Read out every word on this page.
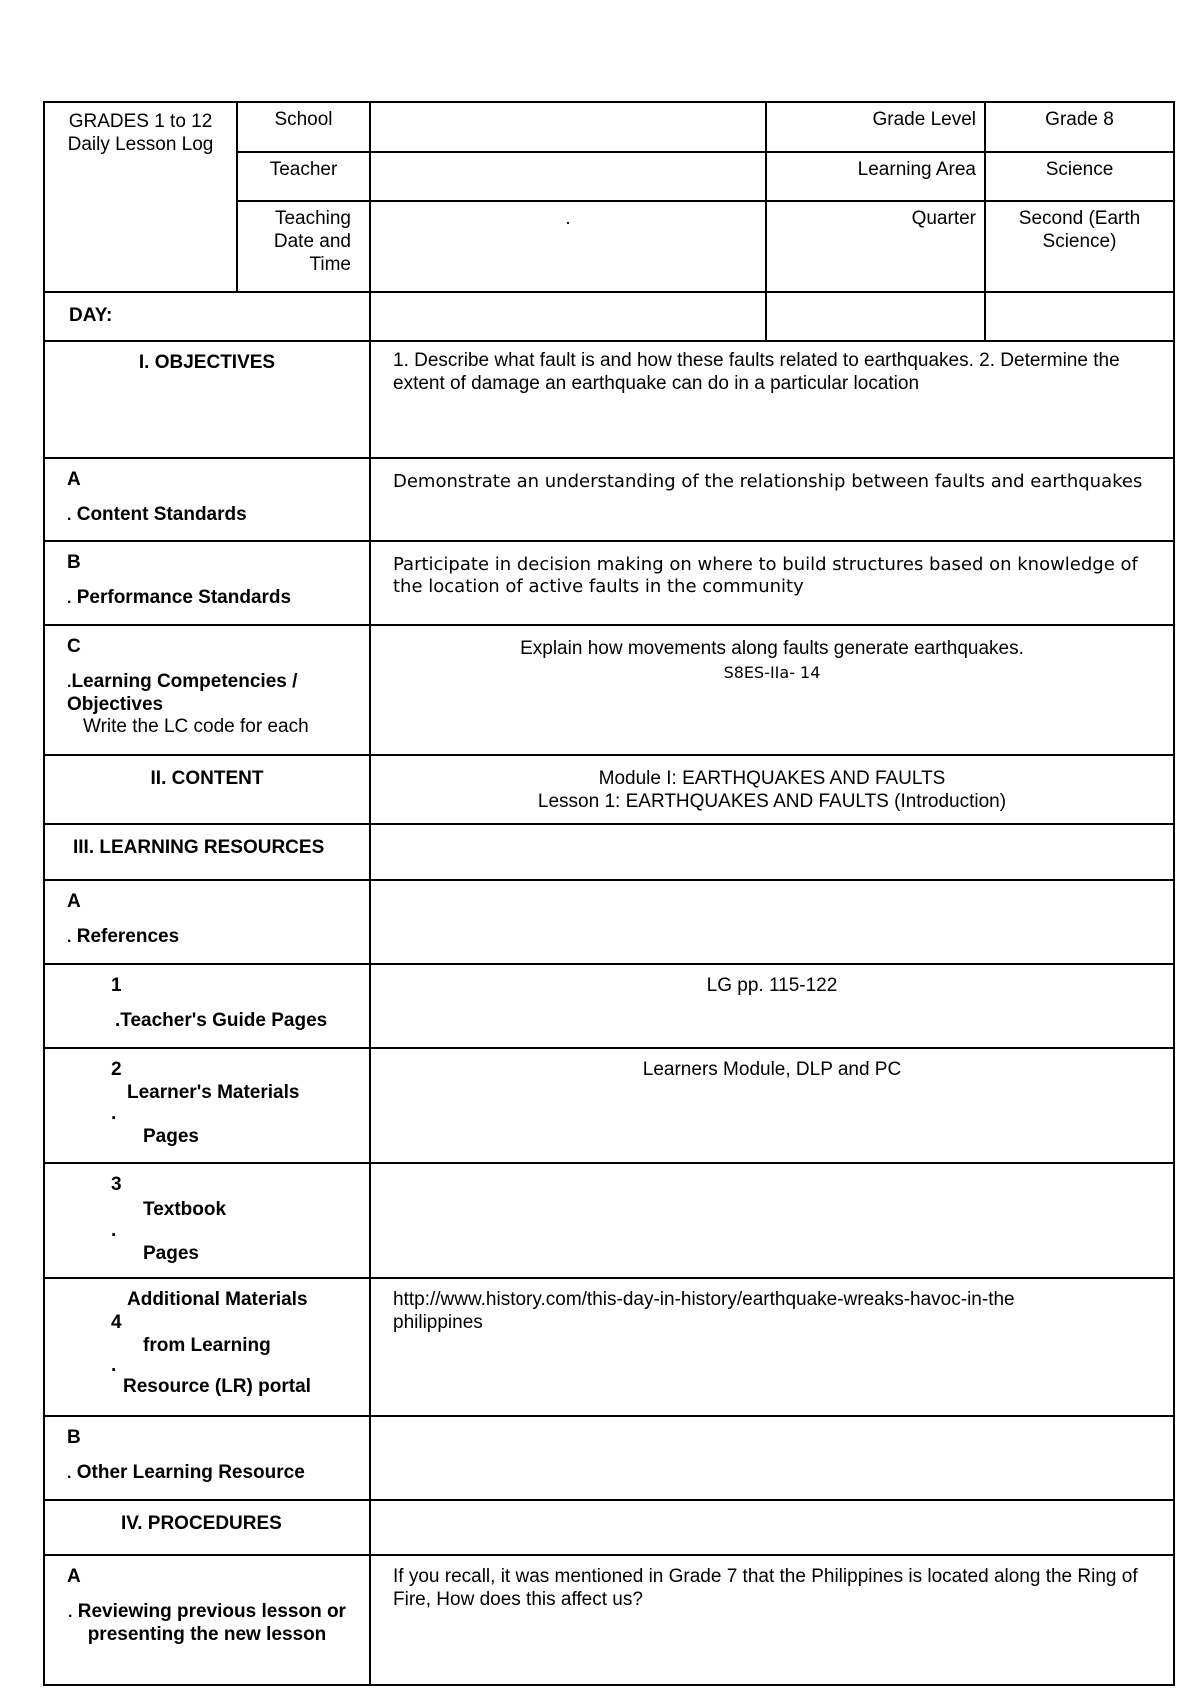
GRADES 1 to 12 Daily Lesson Log	School		Grade Level	Grade 8
	Teacher		Learning Area	Science
	Teaching Date and Time	.	Quarter	Second (Earth Science)
DAY:				
I. OBJECTIVES		1. Describe what fault is and how these faults related to earthquakes. 2. Determine the extent of damage an earthquake can do in a particular location		

A
. Content Standards		Demonstrate an understanding of the relationship between faults and earthquakes		

B
. Performance Standards		Participate in decision making on where to build structures based on knowledge of the location of active faults in the community		

C
.Learning Competencies / Objectives
Write the LC code for each		Explain how movements along faults generate earthquakes.
S8ES-IIa- 14		

II. CONTENT		Module I: EARTHQUAKES AND FAULTS
Lesson 1: EARTHQUAKES AND FAULTS (Introduction)		

III. LEARNING RESOURCES				

A
. References				

1
.Teacher's Guide Pages		LG pp. 115-122		

2
Learner's Materials
.
Pages		Learners Module, DLP and PC		

3
Textbook
.
Pages				

Additional Materials
4
from Learning
.
Resource (LR) portal		http://www.history.com/this-day-in-history/earthquake-wreaks-havoc-in-the philippines		

B
. Other Learning Resource				

IV. PROCEDURES				

A
. Reviewing previous lesson or presenting the new lesson		If you recall, it was mentioned in Grade 7 that the Philippines is located along the Ring of Fire, How does this affect us?		
